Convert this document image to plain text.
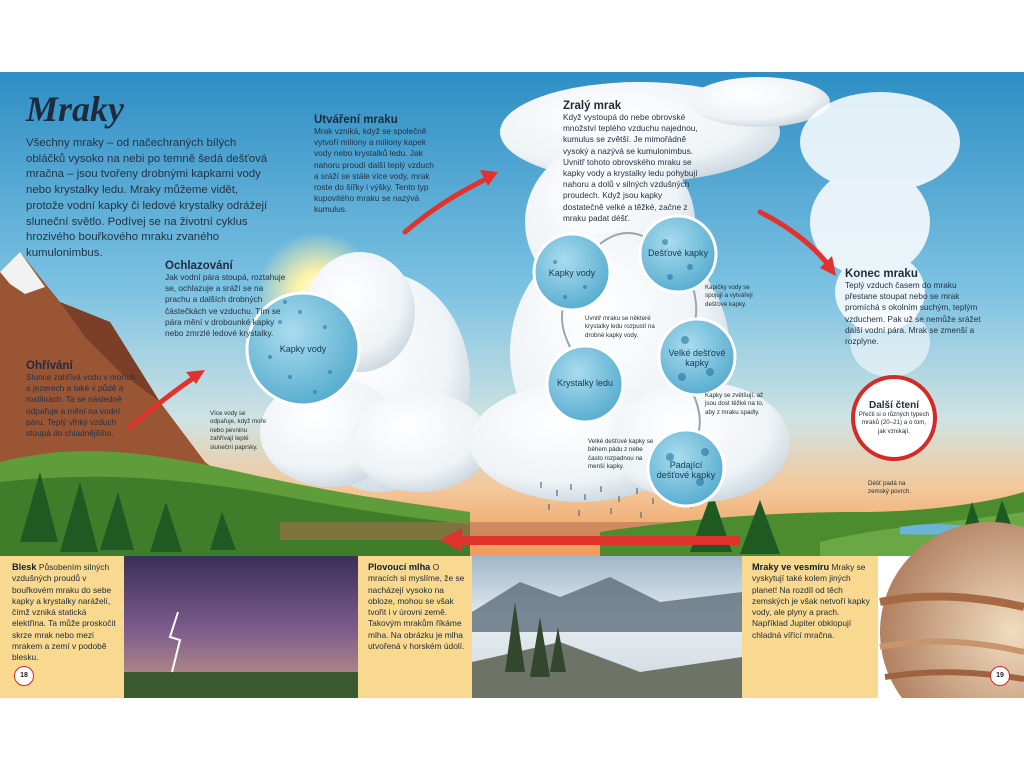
Mraky
Všechny mraky – od načechraných bílých obláčků vysoko na nebi po temně šedá dešťová mračna – jsou tvořeny drobnými kapkami vody nebo krystalky ledu. Mraky můžeme vidět, protože vodní kapky či ledové krystalky odrážejí sluneční světlo. Podívej se na životní cyklus hrozivého bouřkového mraku zvaného kumulonimbus.
Ohřívání
Slunce zahřívá vodu v mořích a jezerech a také v půdě a rostlinách. Ta se následně odpařuje a mění na vodní páru. Teplý vlhký vzduch stoupá do chladnějšího.
Ochlazování
Jak vodní pára stoupá, roztahuje se, ochlazuje a sráží se na prachu a dalších drobných částečkách ve vzduchu. Tím se pára mění v drobounké kapky nebo zmrzlé ledové krystalky.
Utváření mraku
Mrak vzniká, když se společně vytvoří miliony a miliony kapek vody nebo krystalků ledu. Jak nahoru proudí další teplý vzduch a sráží se stále více vody, mrak roste do šířky i výšky. Tento typ kupovitého mraku se nazývá kumulus.
Zralý mrak
Když vystoupá do nebe obrovské množství teplého vzduchu najednou, kumulus se zvětší. Je mimořádně vysoký a nazývá se kumulonimbus. Uvnitř tohoto obrovského mraku se kapky vody a krystalky ledu pohybují nahoru a dolů v silných vzdušných proudech. Když jsou kapky dostatečně velké a těžké, začne z mraku padat déšť.
Konec mraku
Teplý vzduch časem do mraku přestane stoupat nebo se mrak promíchá s okolním suchým, teplým vzduchem. Pak už se nemůže srážet další vodní pára. Mrak se zmenší a rozplyne.
Kapky vody
Kapky vody
Dešťové kapky
Velké dešťové kapky
Krystalky ledu
Padající dešťové kapky
Více vody se odpařuje, když moře nebo pevninu zahřívají teplé sluneční paprsky.
Uvnitř mraku se některé krystalky ledu rozpustí na drobné kapky vody.
Kapičky vody se spojují a vytvářejí dešťové kapky.
Kapky se zvětšují, až jsou dost těžké na to, aby z mraku spadly.
Velké dešťové kapky se během pádu z nebe často rozpadnou na menší kapky.
Déšť padá na zemský povrch.
Další čtení
Přečti si o různých typech mraků (20–21) a o tom, jak vznikají.
Blesk Působením silných vzdušných proudů v bouřkovém mraku do sebe kapky a krystalky naráželí, čímž vzniká statická elektřina. Ta může proskočit skrze mrak nebo mezi mrakem a zemí v podobě blesku.
Plovoucí mlha O mracích si myslíme, že se nacházejí vysoko na obloze, mohou se však tvořit i v úrovni země. Takovým mrakům říkáme mlha. Na obrázku je mlha utvořená v horském údolí.
Mraky ve vesmíru Mraky se vyskytují také kolem jiných planet! Na rozdíl od těch zemských je však netvoří kapky vody, ale plyny a prach. Například Jupiter obklopují chladná vířící mračna.
18	19
